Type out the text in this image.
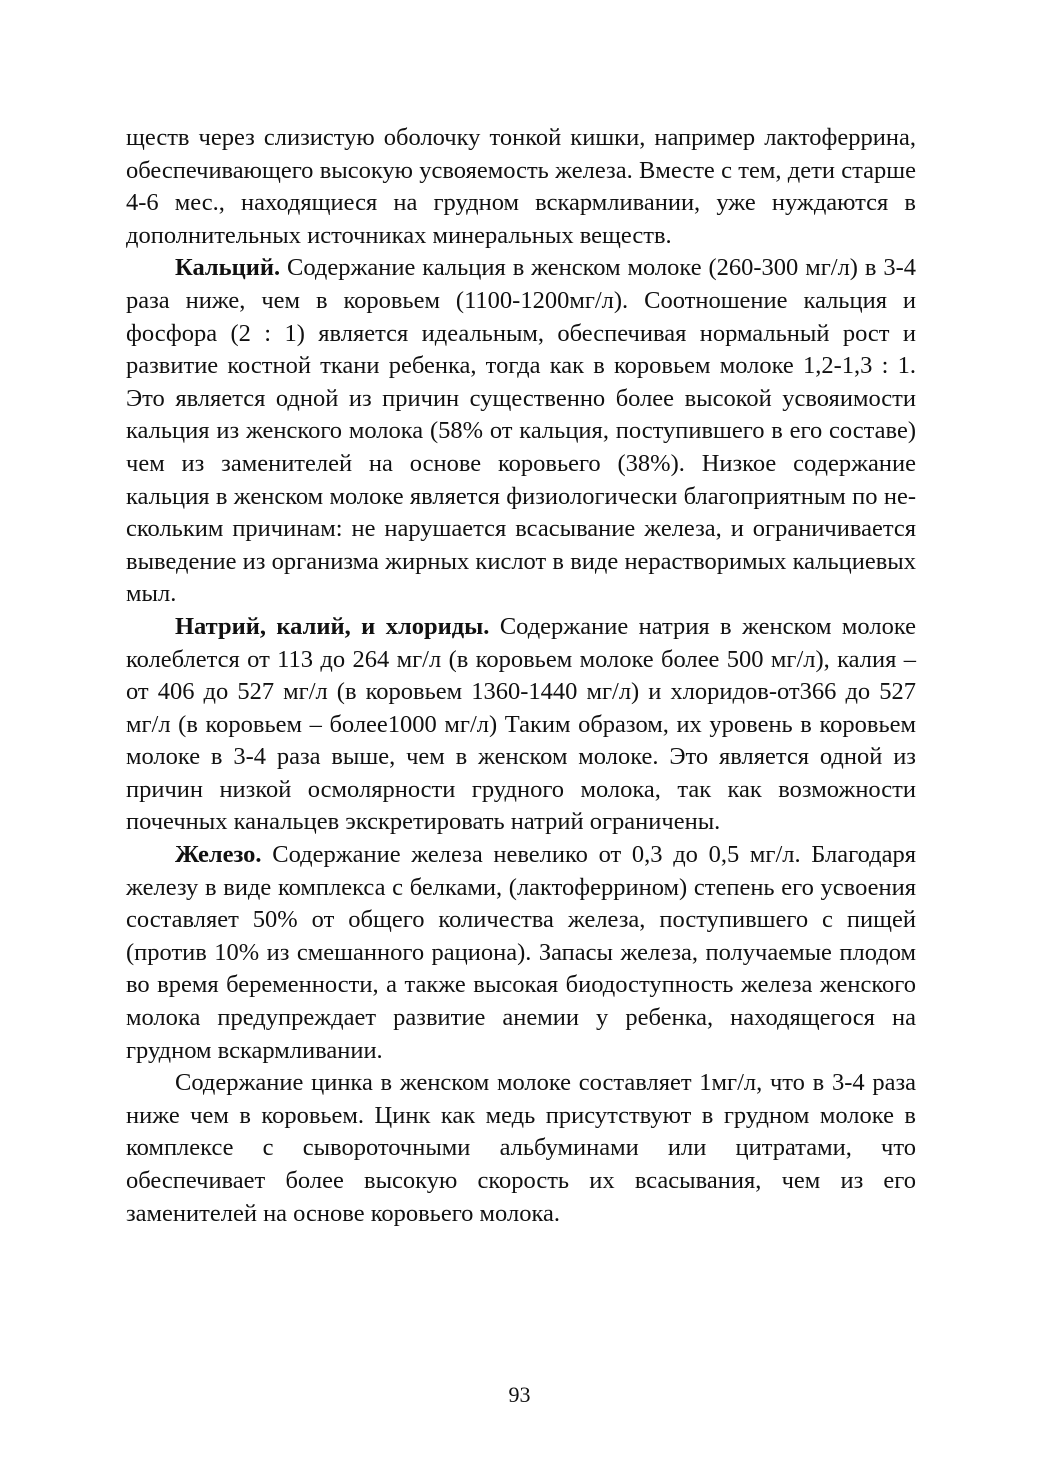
ществ через слизистую оболочку тонкой кишки, например лактоферрина, обеспечивающего высокую усвояемость железа. Вместе с тем, дети старше 4-6 мес., находящиеся на грудном вскармливании, уже нуждаются в дополнительных источниках минеральных веществ.

Кальций. Содержание кальция в женском молоке (260-300 мг/л) в 3-4 раза ниже, чем в коровьем (1100-1200мг/л). Соотношение кальция и фосфора (2 : 1) является идеальным, обеспечивая нормальный рост и развитие костной ткани ребенка, тогда как в коровьем молоке 1,2-1,3 : 1. Это является одной из причин существенно более высокой усвояимости кальция из женского молока (58% от кальция, поступившего в его составе) чем из заменителей на основе коровьего (38%). Низкое содержание кальция в женском молоке является физиологически благоприятным по нескольким причинам: не нарушается всасывание железа, и ограничивается выведение из организма жирных кислот в виде нерастворимых кальциевых мыл.

Натрий, калий, и хлориды. Содержание натрия в женском молоке колеблется от 113 до 264 мг/л (в коровьем молоке более 500 мг/л), калия – от 406 до 527 мг/л (в коровьем 1360-1440 мг/л) и хлоридов-от366 до 527 мг/л (в коровьем – более1000 мг/л) Таким образом, их уровень в коровьем молоке в 3-4 раза выше, чем в женском молоке. Это является одной из причин низкой осмолярности грудного молока, так как возможности почечных канальцев экскретировать натрий ограничены.

Железо. Содержание железа невелико от 0,3 до 0,5 мг/л. Благодаря железу в виде комплекса с белками, (лактоферрином) степень его усвоения составляет 50% от общего количества железа, поступившего с пищей (против 10% из смешанного рациона). Запасы железа, получаемые плодом во время беременности, а также высокая биодоступность железа женского молока предупреждает развитие анемии у ребенка, находящегося на грудном вскармливании.

Содержание цинка в женском молоке составляет 1мг/л, что в 3-4 раза ниже чем в коровьем. Цинк как медь присутствуют в грудном молоке в комплексе с сывороточными альбуминами или цитратами, что обеспечивает более высокую скорость их всасывания, чем из его заменителей на основе коровьего молока.

93
